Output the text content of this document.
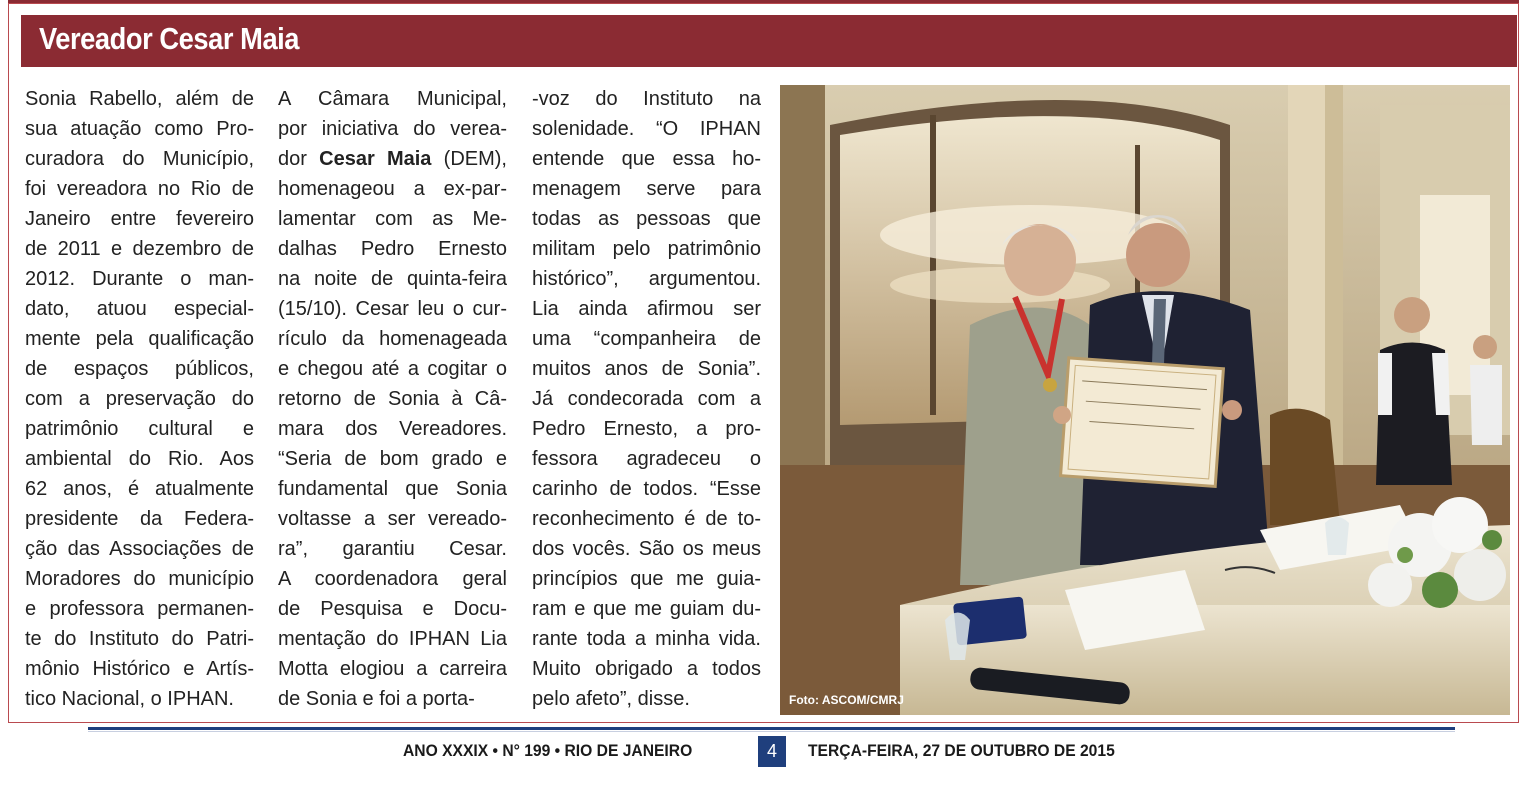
Vereador Cesar Maia
Sonia Rabello, além de
sua atuação como Pro-
curadora do Município,
foi vereadora no Rio de
Janeiro entre fevereiro
de 2011 e dezembro de
2012. Durante o man-
dato, atuou especial-
mente pela qualificação
de espaços públicos,
com a preservação do
patrimônio cultural e
ambiental do Rio. Aos
62 anos, é atualmente
presidente da Federa-
ção das Associações de
Moradores do município
e professora permanen-
te do Instituto do Patri-
mônio Histórico e Artís-
tico Nacional, o IPHAN.
A Câmara Municipal,
por iniciativa do verea-
dor Cesar Maia (DEM),
homenageou a ex-par-
lamentar com as Me-
dalhas Pedro Ernesto
na noite de quinta-feira
(15/10). Cesar leu o cur-
rículo da homenageada
e chegou até a cogitar o
retorno de Sonia à Câ-
mara dos Vereadores.
“Seria de bom grado e
fundamental que Sonia
voltasse a ser vereado-
ra”, garantiu Cesar.
A coordenadora geral
de Pesquisa e Docu-
mentação do IPHAN Lia
Motta elogiou a carreira
de Sonia e foi a porta-
-voz do Instituto na
solenidade. “O IPHAN
entende que essa ho-
menagem serve para
todas as pessoas que
militam pelo patrimônio
histórico”, argumentou.
Lia ainda afirmou ser
uma “companheira de
muitos anos de Sonia”.
Já condecorada com a
Pedro Ernesto, a pro-
fessora agradeceu o
carinho de todos. “Esse
reconhecimento é de to-
dos vocês. São os meus
princípios que me guia-
ram e que me guiam du-
rante toda a minha vida.
Muito obrigado a todos
pelo afeto”, disse.	Foto: ASCOM/CMRJ
ANO XXXIX • N° 199 • RIO DE JANEIRO	4	TERÇA-FEIRA, 27 DE OUTUBRO DE 2015
